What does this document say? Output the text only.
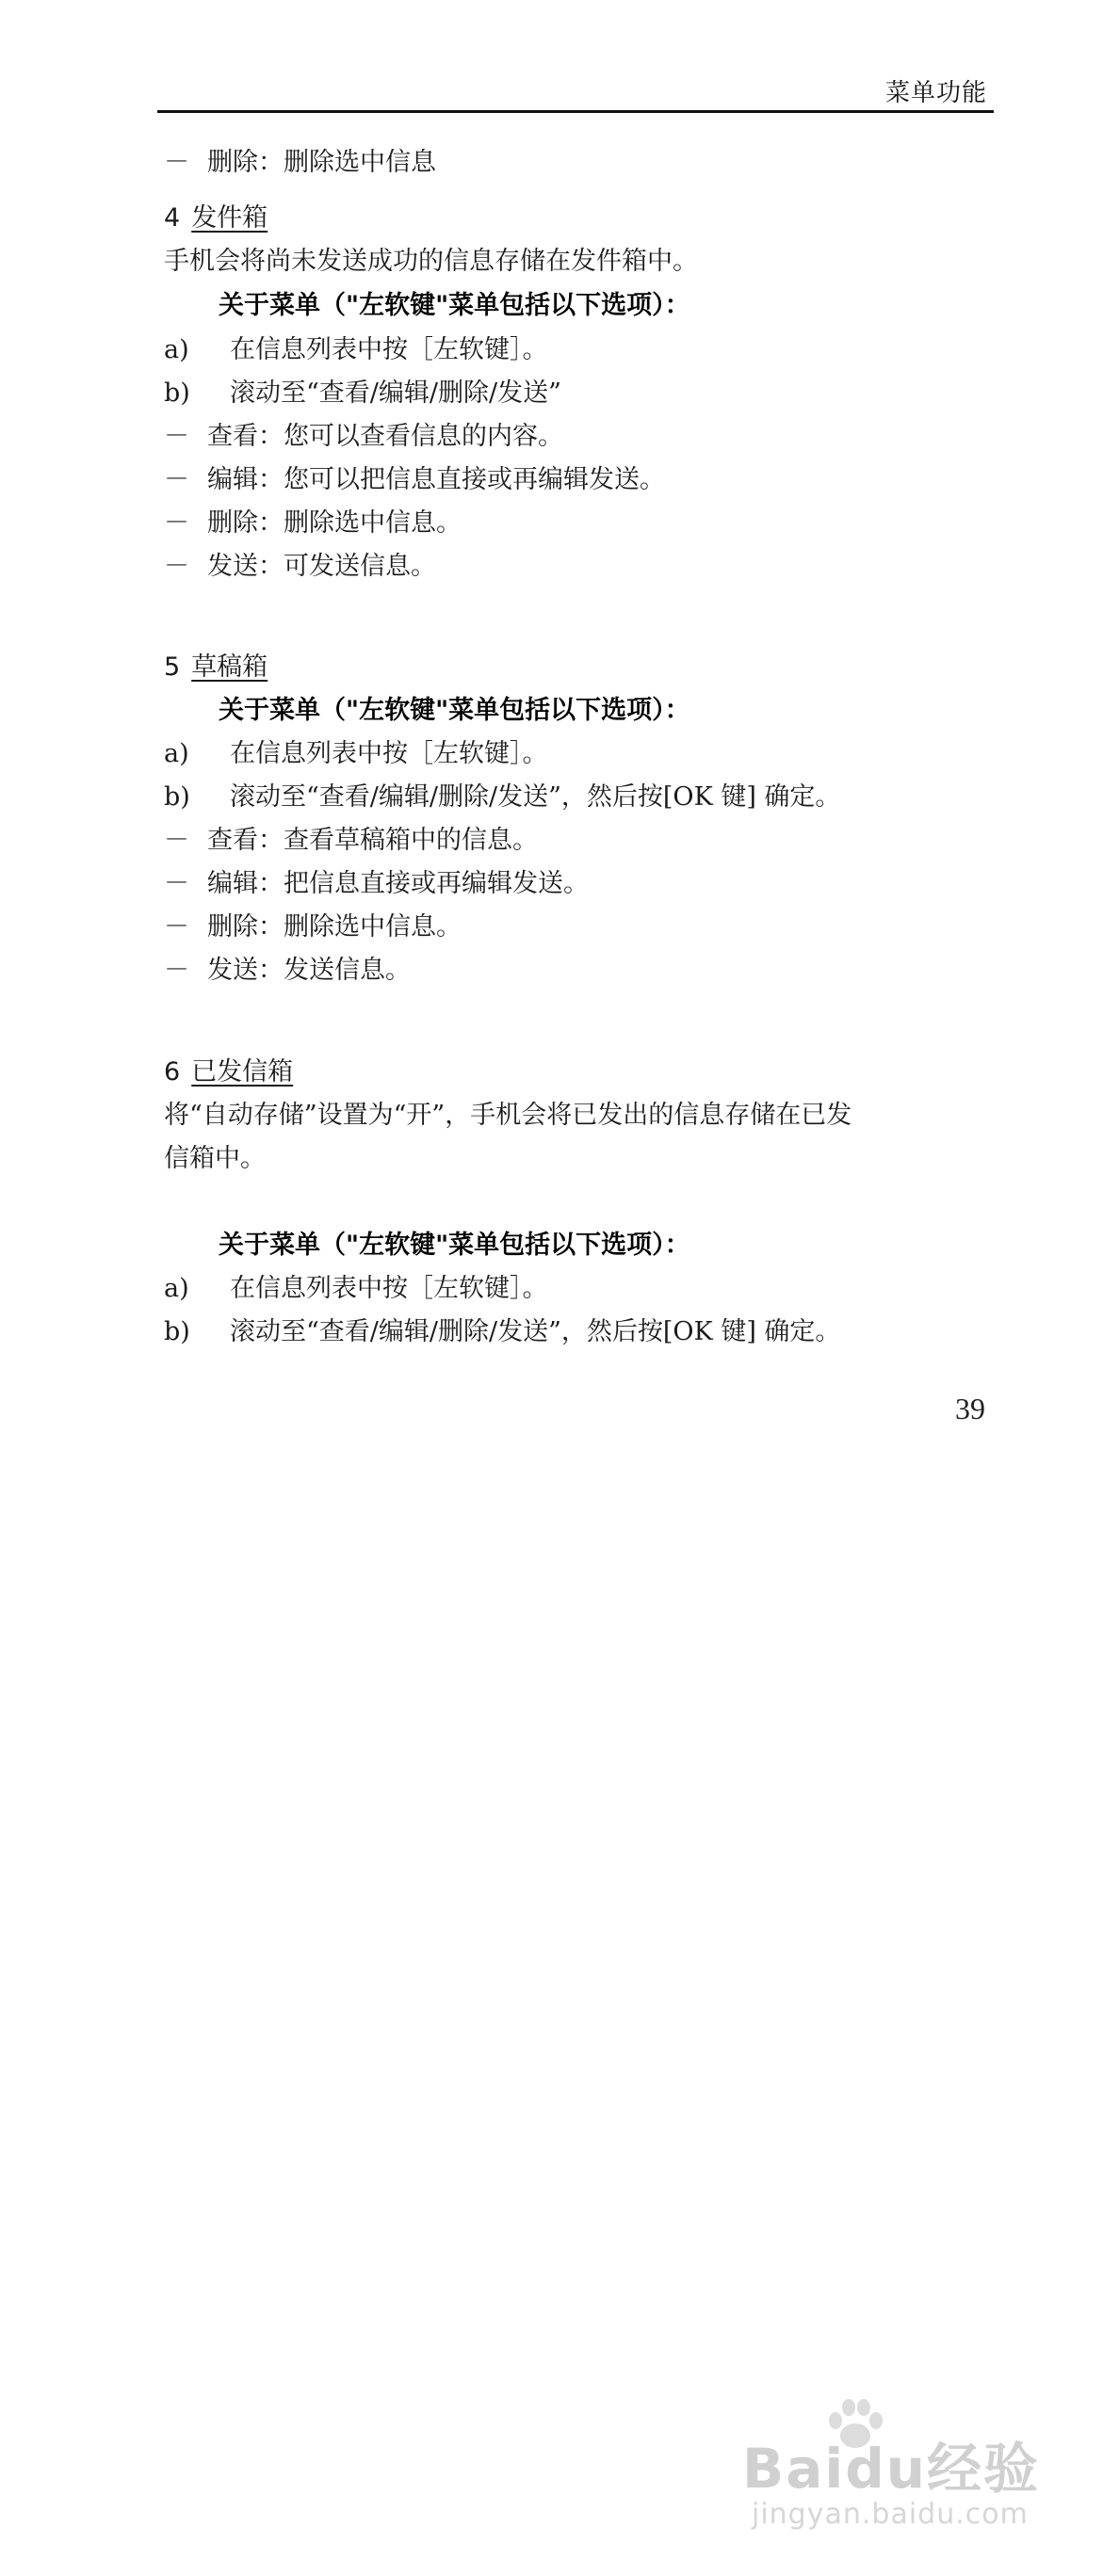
菜单功能
－ 删除：删除选中信息
4 发件箱
手机会将尚未发送成功的信息存储在发件箱中。
关于菜单（"左软键"菜单包括以下选项）：
a) 在信息列表中按［左软键］。
b) 滚动至“查看/编辑/删除/发送”
－ 查看：您可以查看信息的内容。
－ 编辑：您可以把信息直接或再编辑发送。
－ 删除：删除选中信息。
－ 发送：可发送信息。
5 草稿箱
关于菜单（"左软键"菜单包括以下选项）：
a) 在信息列表中按［左软键］。
b) 滚动至“查看/编辑/删除/发送”，然后按[OK 键] 确定。
－ 查看：查看草稿箱中的信息。
－ 编辑：把信息直接或再编辑发送。
－ 删除：删除选中信息。
－ 发送：发送信息。
6 已发信箱
将“自动存储”设置为“开”，手机会将已发出的信息存储在已发
信箱中。
关于菜单（"左软键"菜单包括以下选项）：
a) 在信息列表中按［左软键］。
b) 滚动至“查看/编辑/删除/发送”，然后按[OK 键] 确定。
39
Baidu经验
jingyan.baidu.com
